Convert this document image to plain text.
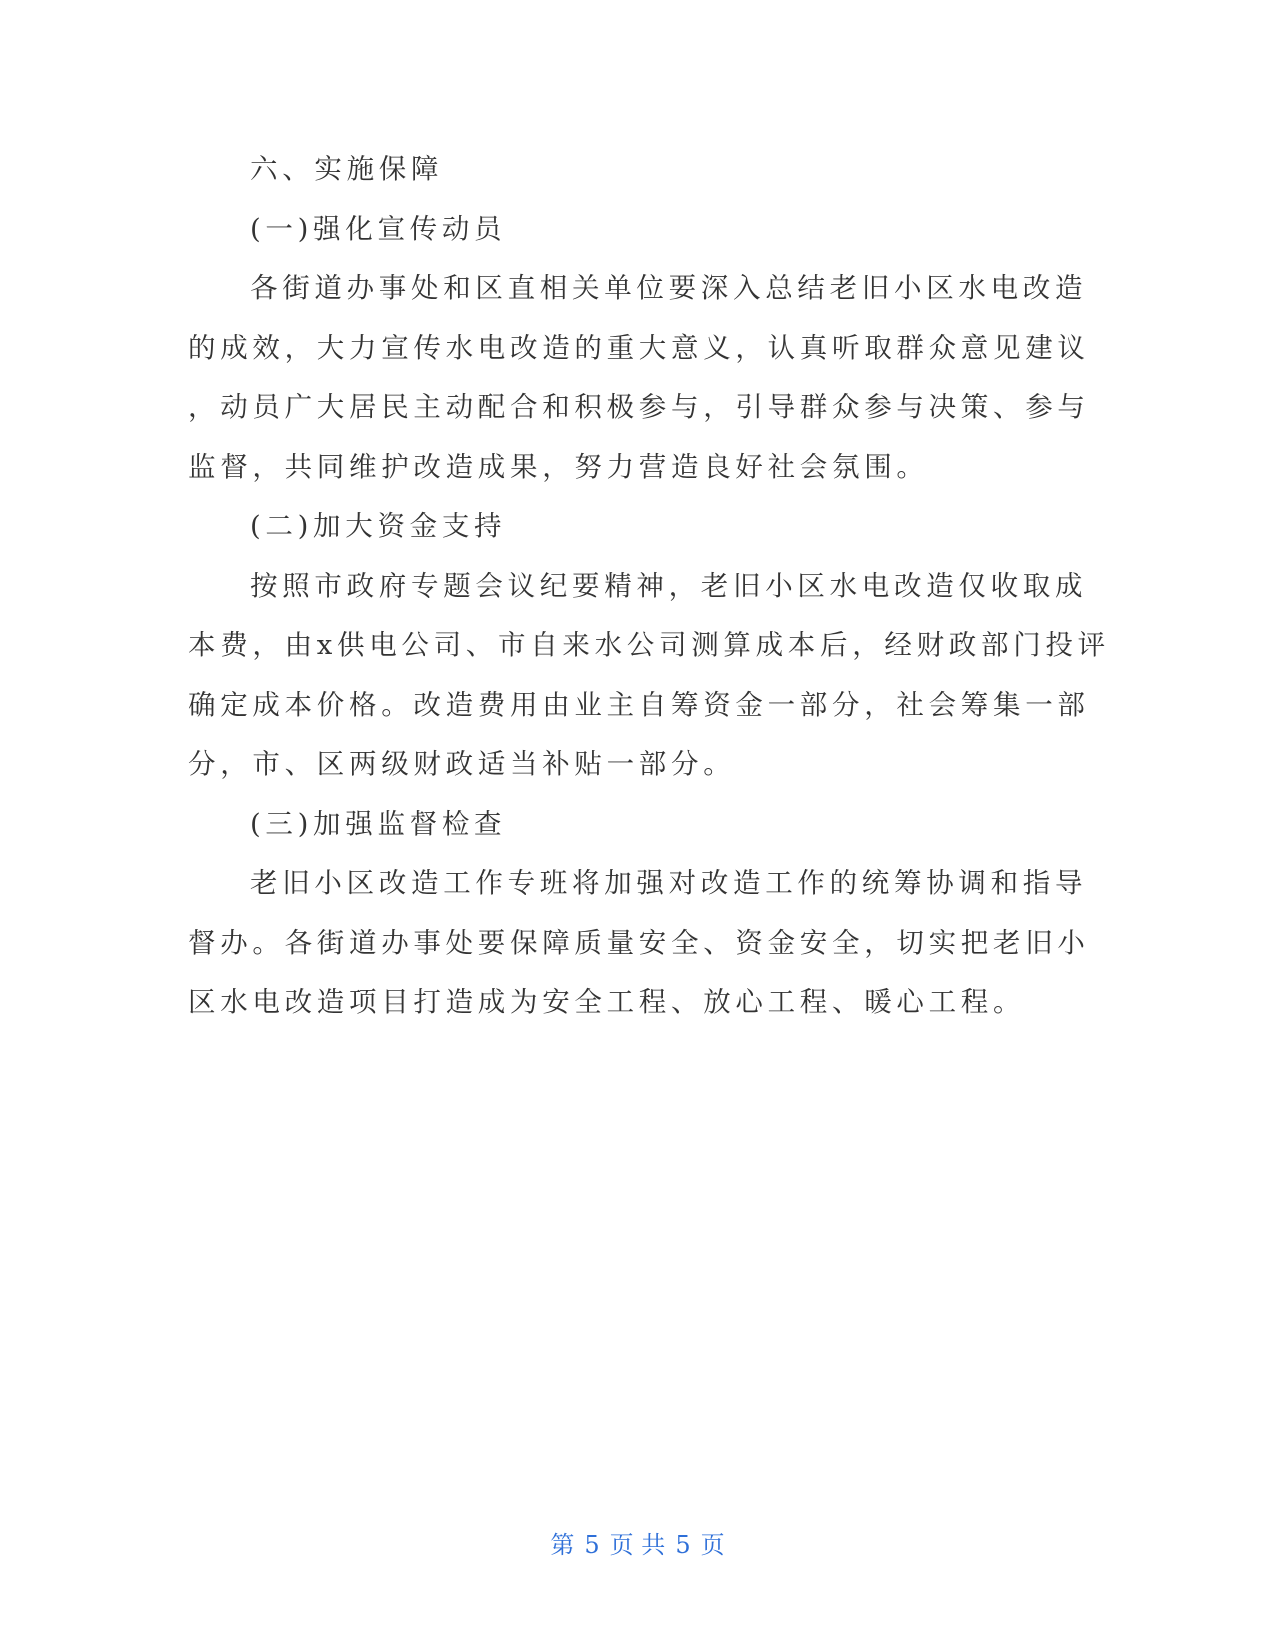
六、实施保障
(一)强化宣传动员
各街道办事处和区直相关单位要深入总结老旧小区水电改造
的成效，大力宣传水电改造的重大意义，认真听取群众意见建议
，动员广大居民主动配合和积极参与，引导群众参与决策、参与
监督，共同维护改造成果，努力营造良好社会氛围。
(二)加大资金支持
按照市政府专题会议纪要精神，老旧小区水电改造仅收取成
本费，由x供电公司、市自来水公司测算成本后，经财政部门投评
确定成本价格。改造费用由业主自筹资金一部分，社会筹集一部
分，市、区两级财政适当补贴一部分。
(三)加强监督检查
老旧小区改造工作专班将加强对改造工作的统筹协调和指导
督办。各街道办事处要保障质量安全、资金安全，切实把老旧小
区水电改造项目打造成为安全工程、放心工程、暖心工程。
第 5 页 共 5 页
